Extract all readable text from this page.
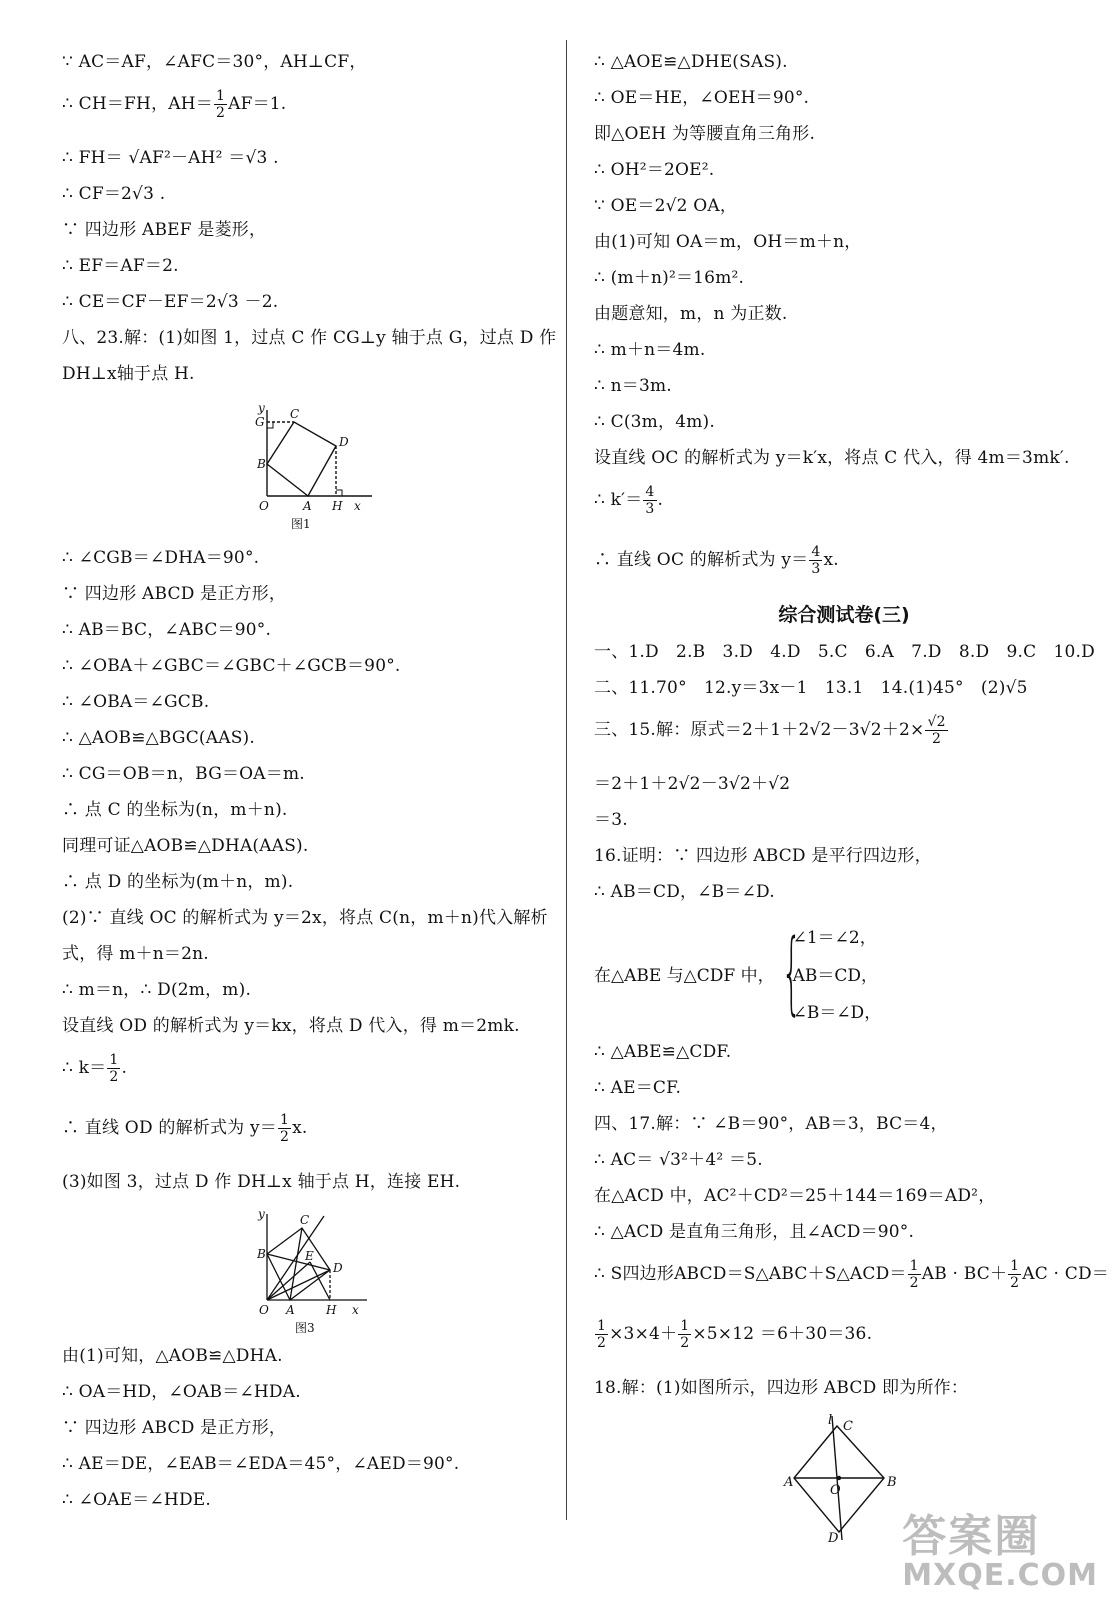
∵ AC＝AF，∠AFC＝30°，AH⊥CF，
∴ CH＝FH，$AH= \frac{1}{2} AF=1$.
∴ FH＝ √AF²－AH² ＝√3 .
∴ CF＝2√3 .
∵ 四边形 ABEF 是菱形，
∴ EF＝AF＝2.
∴ CE＝CF－EF＝2√3 －2.
八、23.解：(1)如图 1，过点 C 作 CG⊥y 轴于点 G，过点 D 作
DH⊥x轴于点 H.
y
G
C
B
D
O	A H x
图1
∴ ∠CGB＝∠DHA＝90°.
∵ 四边形 ABCD 是正方形，
∴ AB＝BC，∠ABC＝90°.
∴ ∠OBA＋∠GBC＝∠GBC＋∠GCB＝90°.
∴ ∠OBA＝∠GCB.
∴ △AOB≌△BGC(AAS).
∴ CG＝OB＝n，BG＝OA＝m.
∴ 点 C 的坐标为(n，m＋n).
同理可证△AOB≌△DHA(AAS).
∴ 点 D 的坐标为(m＋n，m).
(2)∵ 直线 OC 的解析式为 y＝2x，将点 C(n，m＋n)代入解析
式，得 m＋n＝2n.
∴ m＝n，∴ D(2m，m).
设直线 OD 的解析式为 y＝kx，将点 D 代入，得 m＝2mk.
∴ $k= \frac{1}{2}$ .
∴ 直线 OD 的解析式为 $y= \frac{1}{2} x$.
(3)如图 3，过点 D 作 DH⊥x 轴于点 H，连接 EH.
y	C
B	E
D
O A	H x
图3
由(1)可知，△AOB≌△DHA.
∴ OA＝HD，∠OAB＝∠HDA.
∵ 四边形 ABCD 是正方形，
∴ AE＝DE，∠EAB＝∠EDA＝45°，∠AED＝90°.
∴ ∠OAE＝∠HDE.
∴ △AOE≌△DHE(SAS).
∴ OE＝HE，∠OEH＝90°.
即△OEH 为等腰直角三角形.
∴ OH²＝2OE².
∵ OE＝2√2 OA，
由(1)可知 OA＝m，OH＝m＋n，
∴ (m＋n)²＝16m².
由题意知，m，n 为正数.
∴ m＋n＝4m.
∴ n＝3m.
∴ C(3m，4m).
设直线 OC 的解析式为 y＝k′x，将点 C 代入，得 4m＝3mk′.
∴ $k'= \frac{4}{3}$ .
∴ 直线 OC 的解析式为 $y= \frac{4}{3} x$.
综合测试卷(三)
一、1.D　2.B　3.D　4.D　5.C　6.A　7.D　8.D　9.C　10.D
二、11.70°　12.y＝3x－1　13.1　14.(1)45°　(2)√5
三、15.解：原式$=2+1+2√2-3√2+2\times \frac{√2}{2}$
＝2＋1＋2√2－3√2＋√2
＝3.
16.证明：∵ 四边形 ABCD 是平行四边形，
∴ AB＝CD，∠B＝∠D.
在△ABE 与△CDF 中， {
∠1＝∠2，
AB＝CD，
∠B＝∠D，
∴ △ABE≌△CDF.
∴ AE＝CF.
四、17.解：∵ ∠B＝90°，AB＝3，BC＝4，
∴ AC＝ √3²＋4² ＝5.
在△ACD 中，AC²＋CD²＝25＋144＝169＝AD²，
∴ △ACD 是直角三角形，且∠ACD＝90°.
∴ S四边形ABCD＝S△ABC＋S△ACD＝ $\frac{1}{2}$ AB · $BC+ \frac{1}{2}$ AC · CD＝
$\frac{1}{2} \times 3\times 4+ \frac{1}{2} \times 5\times 12 =6+30=36$.
18.解：(1)如图所示，四边形 ABCD 即为所作：
l C
A
O
B
D 答案圈
MXQE.COM
